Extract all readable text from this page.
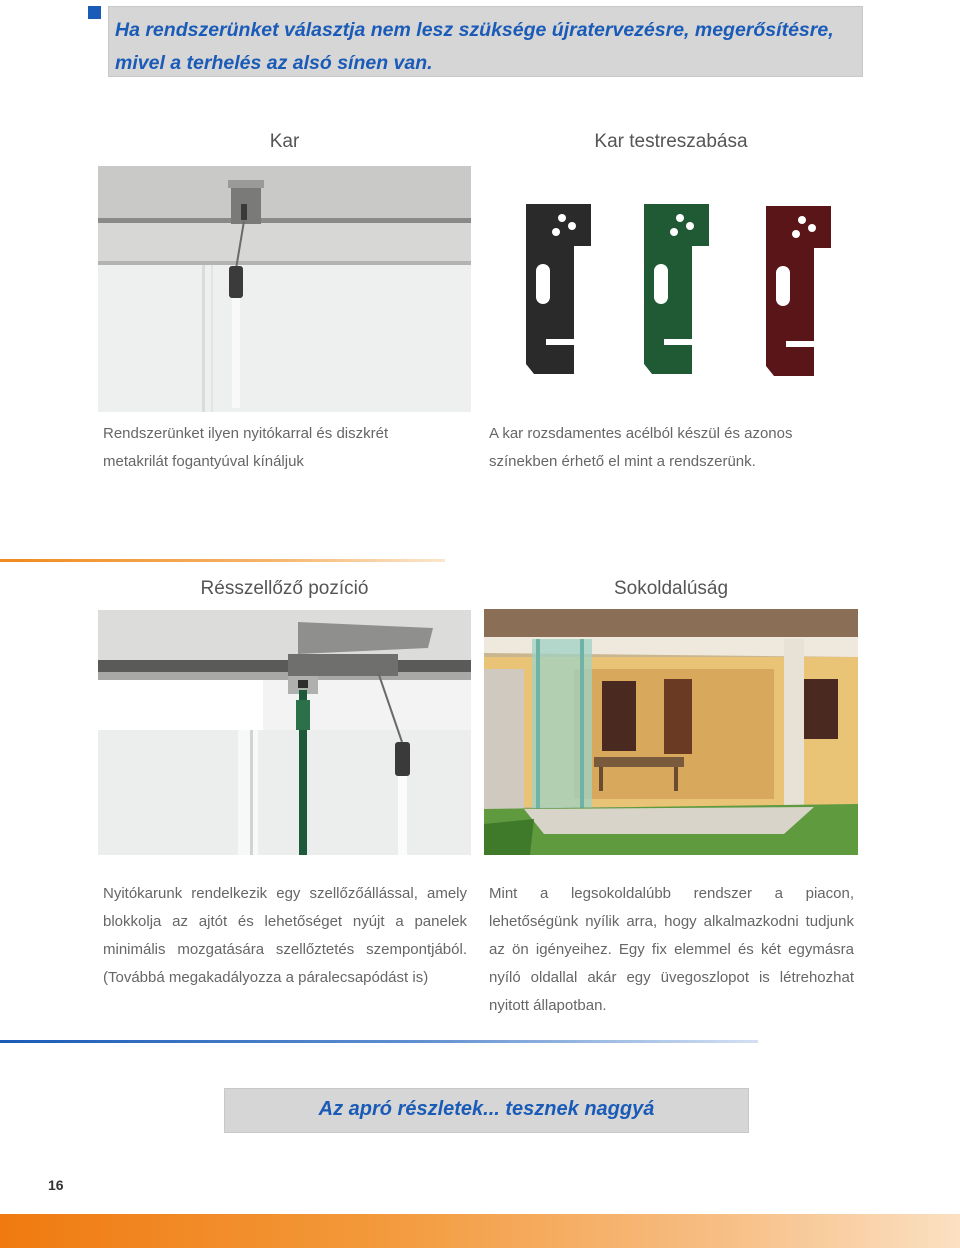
Ha rendszerünket választja nem lesz szüksége újratervezésre, megerősítésre, mivel a terhelés az alsó sínen van.
Kar	Kar testreszabása

Rendszerünket ilyen nyitókarral és diszkrét metakrilát fogantyúval kínáljuk

A kar rozsdamentes acélból készül és azonos színekben érhető el mint a rendszerünk.

Résszellőző pozíció	Sokoldalúság

Nyitókarunk rendelkezik egy szellőzőállással, amely blokkolja az ajtót és lehetőséget nyújt a panelek minimális mozgatására szellőztetés szempontjából. (Továbbá megakadályozza a páralecsapódást is)

Mint a legsokoldalúbb rendszer a piacon, lehetőségünk nyílik arra, hogy alkalmazkodni tudjunk az ön igényeihez. Egy fix elemmel és két egymásra nyíló oldallal akár egy üvegoszlopot is létrehozhat nyitott állapotban.

Az apró részletek... tesznek naggyá
16
